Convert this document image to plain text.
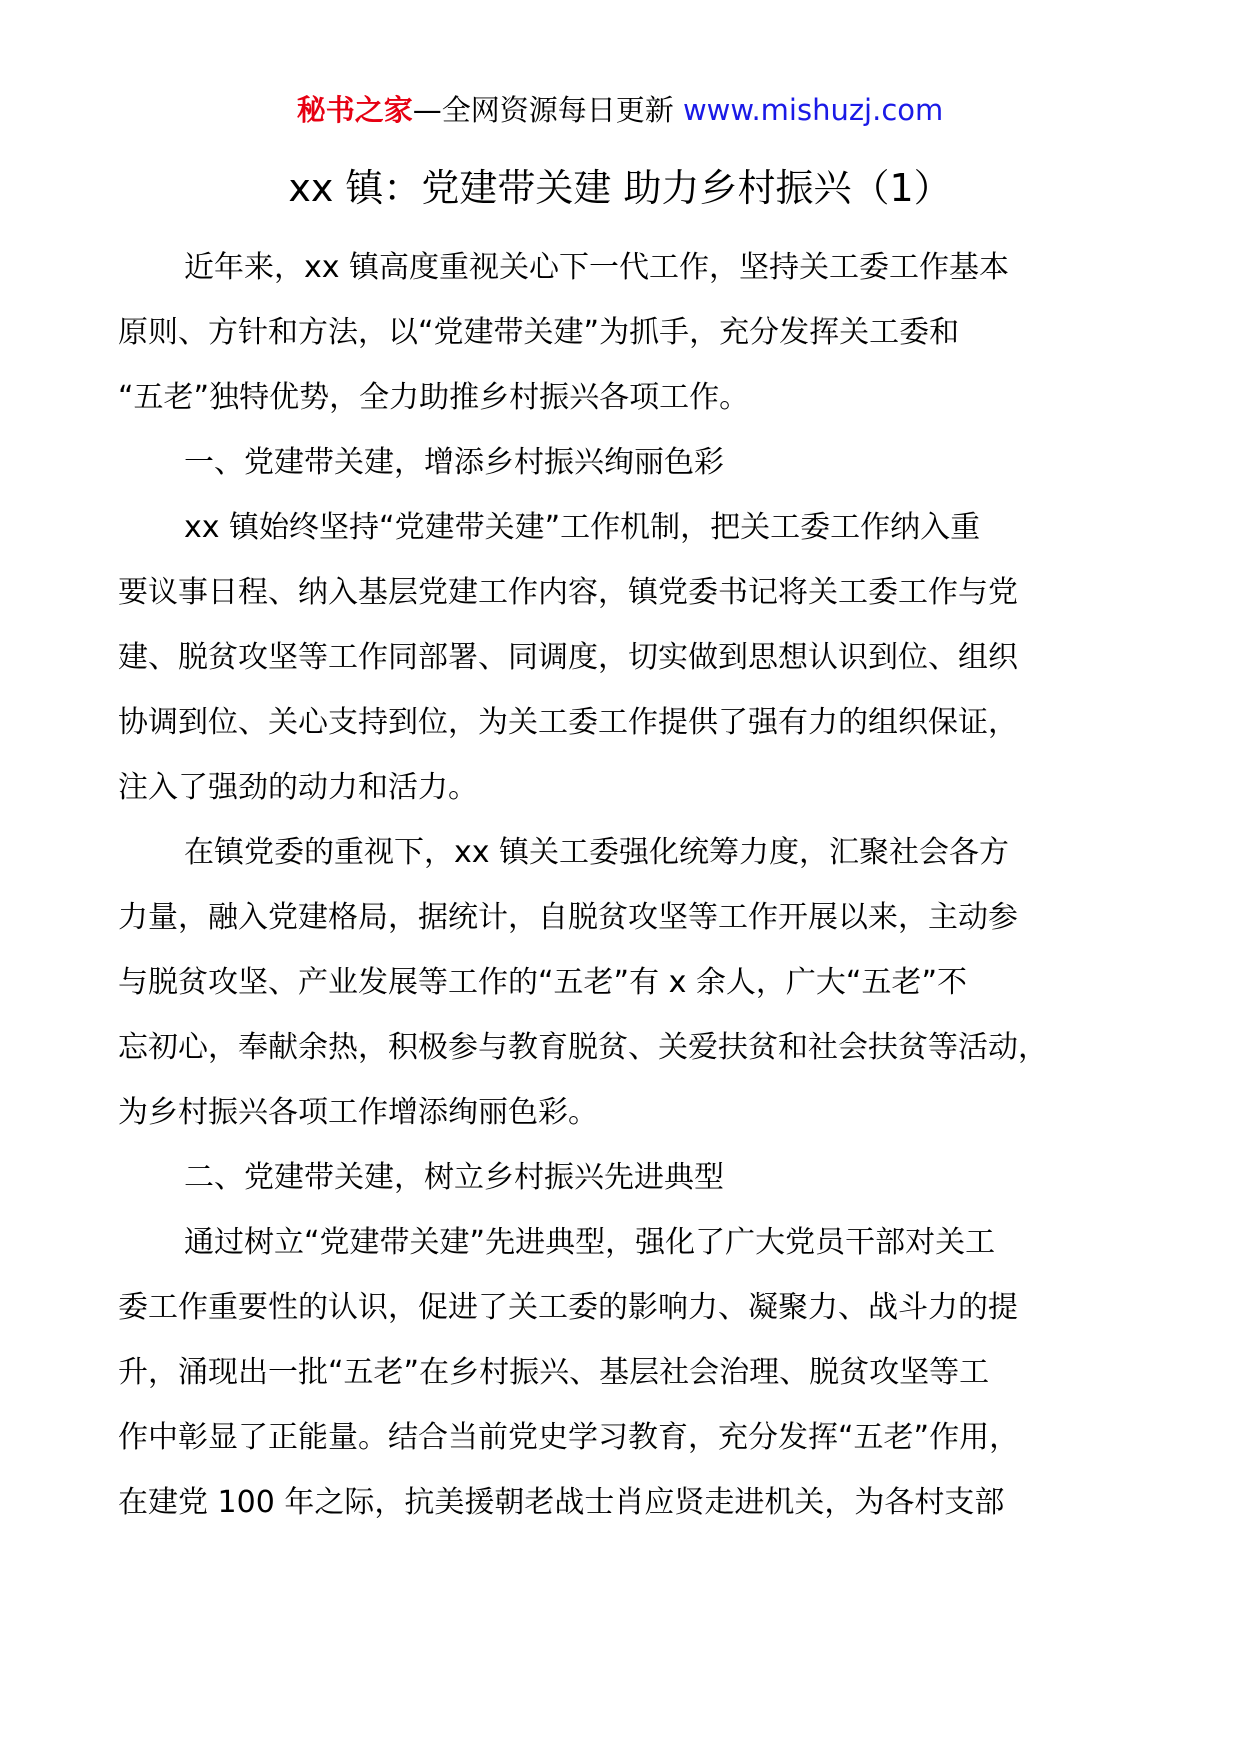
秘书之家—全网资源每日更新 www.mishuzj.com
xx 镇：党建带关建 助力乡村振兴（1）
近年来，xx 镇高度重视关心下一代工作，坚持关工委工作基本
原则、方针和方法，以“党建带关建”为抓手，充分发挥关工委和
“五老”独特优势，全力助推乡村振兴各项工作。
一、党建带关建，增添乡村振兴绚丽色彩
xx 镇始终坚持“党建带关建”工作机制，把关工委工作纳入重
要议事日程、纳入基层党建工作内容，镇党委书记将关工委工作与党
建、脱贫攻坚等工作同部署、同调度，切实做到思想认识到位、组织
协调到位、关心支持到位，为关工委工作提供了强有力的组织保证，
注入了强劲的动力和活力。
在镇党委的重视下，xx 镇关工委强化统筹力度，汇聚社会各方
力量，融入党建格局，据统计，自脱贫攻坚等工作开展以来，主动参
与脱贫攻坚、产业发展等工作的“五老”有 x 余人，广大“五老”不
忘初心，奉献余热，积极参与教育脱贫、关爱扶贫和社会扶贫等活动，
为乡村振兴各项工作增添绚丽色彩。
二、党建带关建，树立乡村振兴先进典型
通过树立“党建带关建”先进典型，强化了广大党员干部对关工
委工作重要性的认识，促进了关工委的影响力、凝聚力、战斗力的提
升，涌现出一批“五老”在乡村振兴、基层社会治理、脱贫攻坚等工
作中彰显了正能量。结合当前党史学习教育，充分发挥“五老”作用，
在建党 100 年之际，抗美援朝老战士肖应贤走进机关，为各村支部
